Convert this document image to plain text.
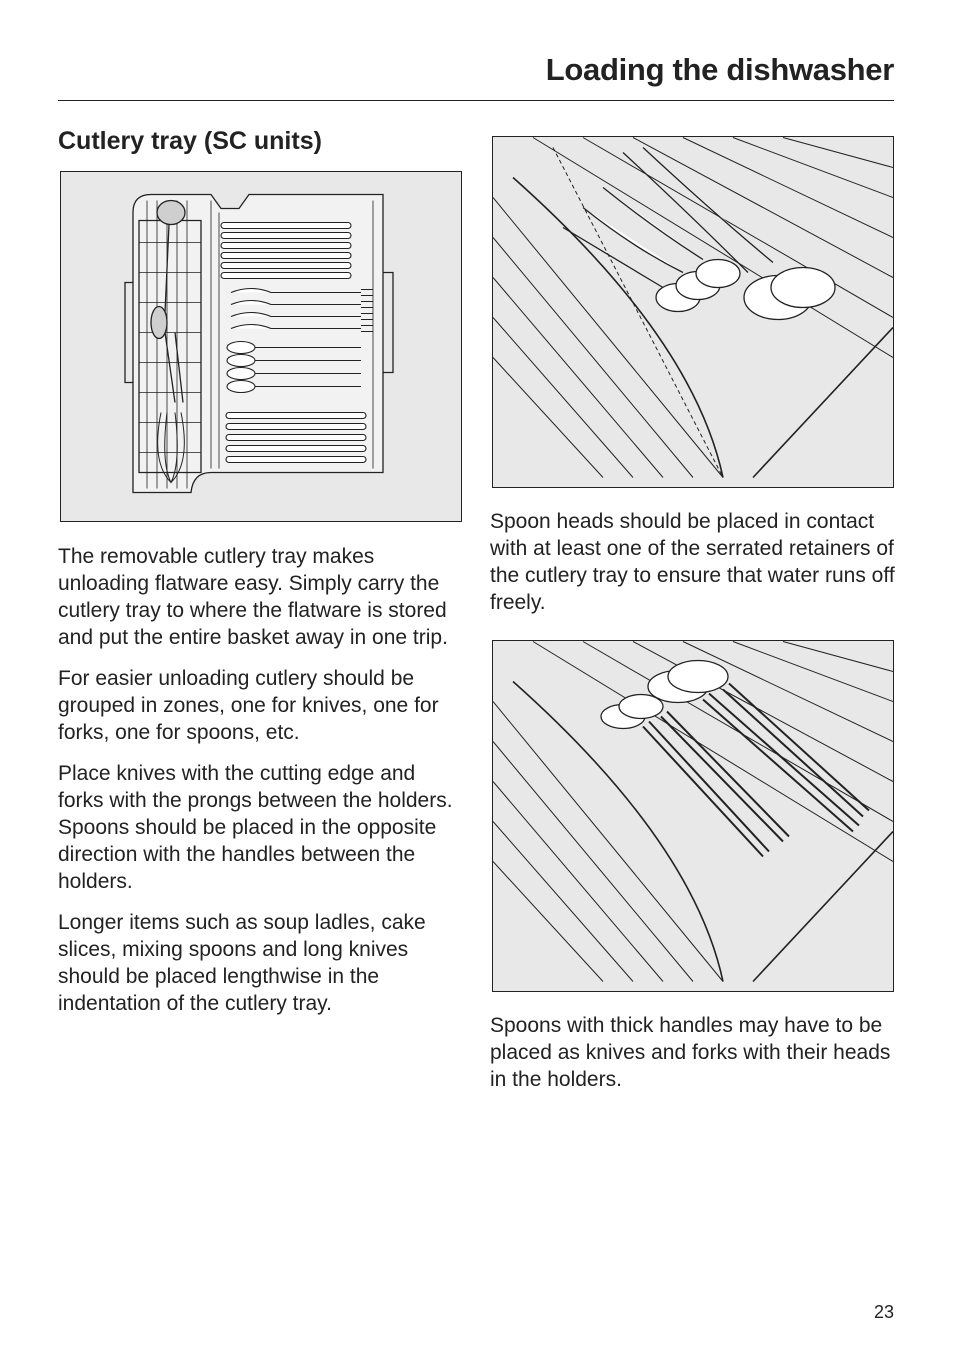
Loading the dishwasher
Cutlery tray (SC units)

The removable cutlery tray makes unloading flatware easy. Simply carry the cutlery tray to where the flatware is stored and put the entire basket away in one trip.

For easier unloading cutlery should be grouped in zones, one for knives, one for forks, one for spoons, etc.

Place knives with the cutting edge and forks with the prongs between the holders. Spoons should be placed in the opposite direction with the handles between the holders.

Longer items such as soup ladles, cake slices, mixing spoons and long knives should be placed lengthwise in the indentation of the cutlery tray.

Spoon heads should be placed in contact with at least one of the serrated retainers of the cutlery tray to ensure that water runs off freely.

Spoons with thick handles may have to be placed as knives and forks with their heads in the holders.

23
